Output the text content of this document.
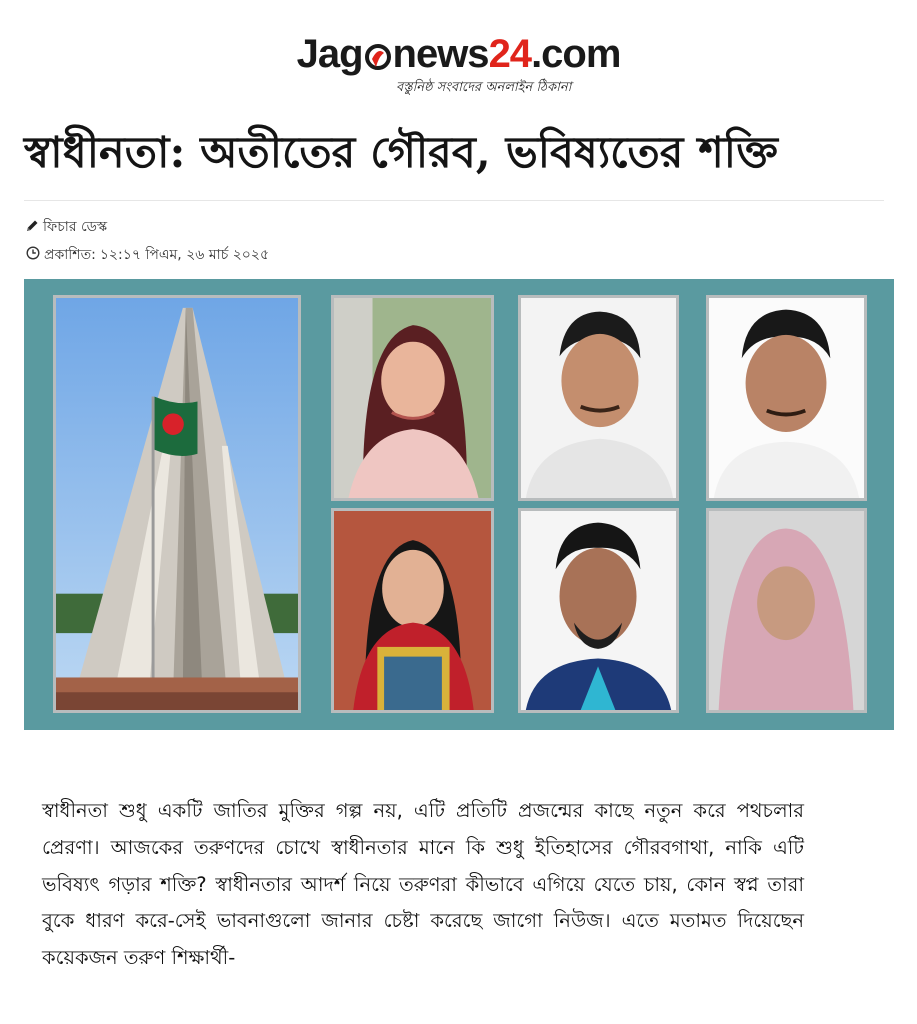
Jag news 24 .com
বস্তুনিষ্ঠ সংবাদের অনলাইন ঠিকানা
স্বাধীনতা: অতীতের গৌরব, ভবিষ্যতের শক্তি
ফিচার ডেস্ক
প্রকাশিত: ১২:১৭ পিএম, ২৬ মার্চ ২০২৫

স্বাধীনতা শুধু একটি জাতির মুক্তির গল্প নয়, এটি প্রতিটি প্রজন্মের কাছে নতুন করে পথচলার প্রেরণা। আজকের তরুণদের চোখে স্বাধীনতার মানে কি শুধু ইতিহাসের গৌরবগাথা, নাকি এটি ভবিষ্যৎ গড়ার শক্তি? স্বাধীনতার আদর্শ নিয়ে তরুণরা কীভাবে এগিয়ে যেতে চায়, কোন স্বপ্ন তারা বুকে ধারণ করে-সেই ভাবনাগুলো জানার চেষ্টা করেছে জাগো নিউজ। এতে মতামত দিয়েছেন কয়েকজন তরুণ শিক্ষার্থী-
